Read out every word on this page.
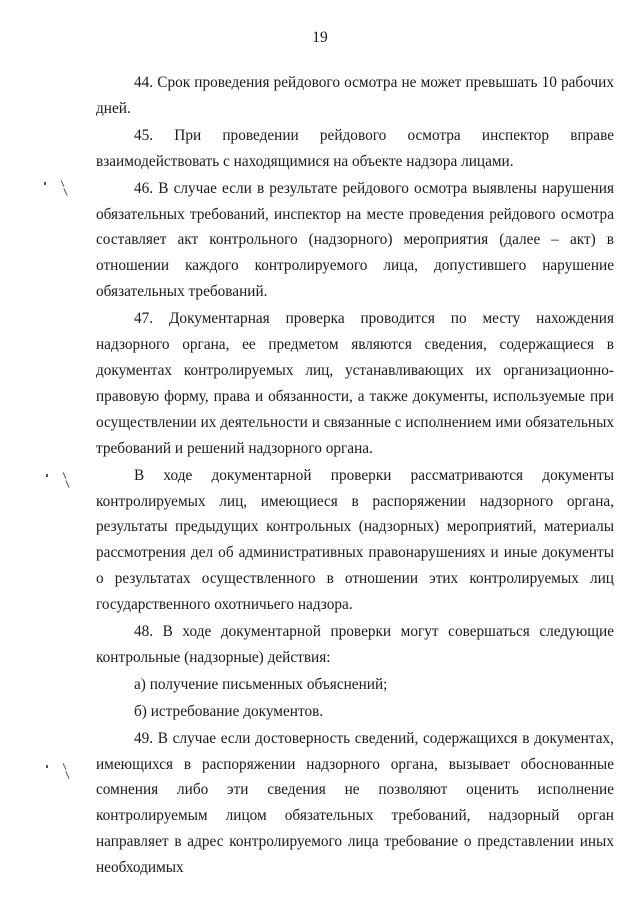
19

44. Срок проведения рейдового осмотра не может превышать 10 рабочих дней.

45. При проведении рейдового осмотра инспектор вправе взаимодействовать с находящимися на объекте надзора лицами.

46. В случае если в результате рейдового осмотра выявлены нарушения обязательных требований, инспектор на месте проведения рейдового осмотра составляет акт контрольного (надзорного) мероприятия (далее – акт) в отношении каждого контролируемого лица, допустившего нарушение обязательных требований.

47. Документарная проверка проводится по месту нахождения надзорного органа, ее предметом являются сведения, содержащиеся в документах контролируемых лиц, устанавливающих их организационно-правовую форму, права и обязанности, а также документы, используемые при осуществлении их деятельности и связанные с исполнением ими обязательных требований и решений надзорного органа.

В ходе документарной проверки рассматриваются документы контролируемых лиц, имеющиеся в распоряжении надзорного органа, результаты предыдущих контрольных (надзорных) мероприятий, материалы рассмотрения дел об административных правонарушениях и иные документы о результатах осуществленного в отношении этих контролируемых лиц государственного охотничьего надзора.

48. В ходе документарной проверки могут совершаться следующие контрольные (надзорные) действия:

а) получение письменных объяснений;

б) истребование документов.

49. В случае если достоверность сведений, содержащихся в документах, имеющихся в распоряжении надзорного органа, вызывает обоснованные сомнения либо эти сведения не позволяют оценить исполнение контролируемым лицом обязательных требований, надзорный орган направляет в адрес контролируемого лица требование о представлении иных необходимых
